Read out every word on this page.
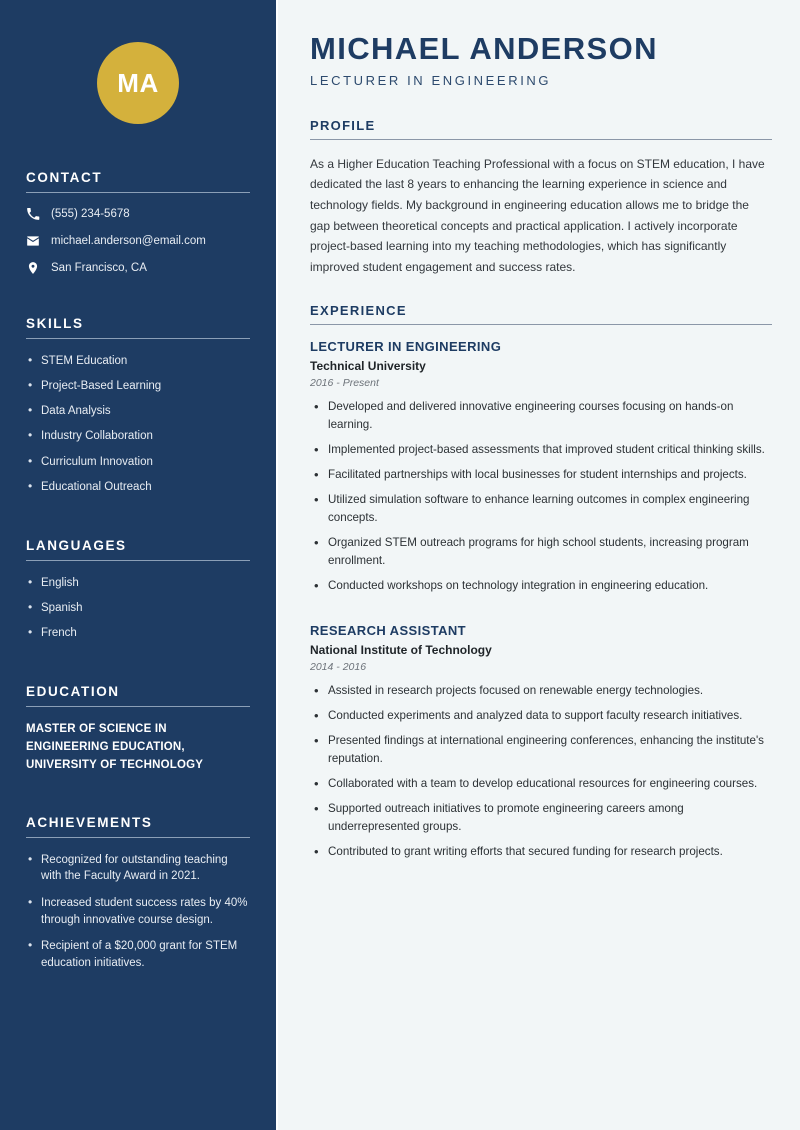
MA
CONTACT
(555) 234-5678
michael.anderson@email.com
San Francisco, CA
SKILLS
• STEM Education
• Project-Based Learning
• Data Analysis
• Industry Collaboration
• Curriculum Innovation
• Educational Outreach
LANGUAGES
• English
• Spanish
• French
EDUCATION
MASTER OF SCIENCE IN ENGINEERING EDUCATION, UNIVERSITY OF TECHNOLOGY
ACHIEVEMENTS
• Recognized for outstanding teaching with the Faculty Award in 2021.
• Increased student success rates by 40% through innovative course design.
• Recipient of a $20,000 grant for STEM education initiatives.
MICHAEL ANDERSON
LECTURER IN ENGINEERING
PROFILE

As a Higher Education Teaching Professional with a focus on STEM education, I have dedicated the last 8 years to enhancing the learning experience in science and technology fields. My background in engineering education allows me to bridge the gap between theoretical concepts and practical application. I actively incorporate project-based learning into my teaching methodologies, which has significantly improved student engagement and success rates.

EXPERIENCE
LECTURER IN ENGINEERING
Technical University
2016 - Present
• Developed and delivered innovative engineering courses focusing on hands-on learning.
• Implemented project-based assessments that improved student critical thinking skills.
• Facilitated partnerships with local businesses for student internships and projects.
• Utilized simulation software to enhance learning outcomes in complex engineering concepts.
• Organized STEM outreach programs for high school students, increasing program enrollment.
• Conducted workshops on technology integration in engineering education.
RESEARCH ASSISTANT
National Institute of Technology
2014 - 2016
• Assisted in research projects focused on renewable energy technologies.
• Conducted experiments and analyzed data to support faculty research initiatives.
• Presented findings at international engineering conferences, enhancing the institute's reputation.
• Collaborated with a team to develop educational resources for engineering courses.
• Supported outreach initiatives to promote engineering careers among underrepresented groups.
• Contributed to grant writing efforts that secured funding for research projects.
